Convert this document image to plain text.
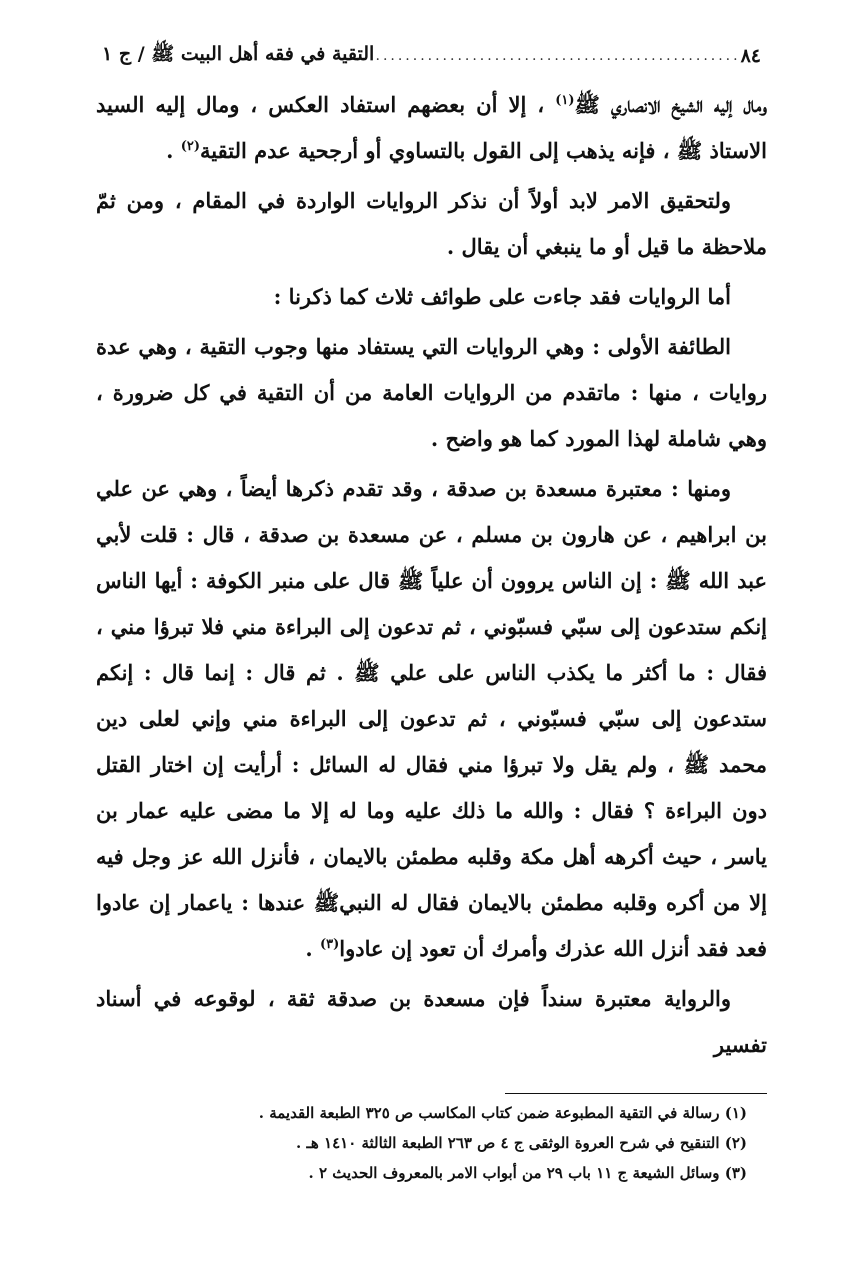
٨٤
.....
التقية في فقه أهل البيت ﷺ / ج ١

ومال إليه الشيخ الانصاري ﷺ$^{(١)}$ ، إلا أن بعضهم استفاد العكس ، ومال إليه السيد الاستاذ ﷺ ، فإنه يذهب إلى القول بالتساوي أو أرجحية عدم التقية$^{(٢)}$ .

ولتحقيق الامر لابد أولاً أن نذكر الروايات الواردة في المقام ، ومن ثمّ ملاحظة ما قيل أو ما ينبغي أن يقال .

أما الروايات فقد جاءت على طوائف ثلاث كما ذكرنا :

الطائفة الأولى : وهي الروايات التي يستفاد منها وجوب التقية ، وهي عدة روايات ، منها : ماتقدم من الروايات العامة من أن التقية في كل ضرورة ، وهي شاملة لهذا المورد كما هو واضح .

ومنها : معتبرة مسعدة بن صدقة ، وقد تقدم ذكرها أيضاً ، وهي عن علي بن ابراهيم ، عن هارون بن مسلم ، عن مسعدة بن صدقة ، قال : قلت لأبي عبد الله ﷺ : إن الناس يروون أن علياً ﷺ قال على منبر الكوفة : أيها الناس إنكم ستدعون إلى سبّي فسبّوني ، ثم تدعون إلى البراءة مني فلا تبرؤا مني ، فقال : ما أكثر ما يكذب الناس على علي ﷺ . ثم قال : إنما قال : إنكم ستدعون إلى سبّي فسبّوني ، ثم تدعون إلى البراءة مني وإني لعلى دين محمد ﷺ ، ولم يقل ولا تبرؤا مني فقال له السائل : أرأيت إن اختار القتل دون البراءة ؟ فقال : والله ما ذلك عليه وما له إلا ما مضى عليه عمار بن ياسر ، حيث أكرهه أهل مكة وقلبه مطمئن بالايمان ، فأنزل الله عز وجل فيه إلا من أكره وقلبه مطمئن بالايمان فقال له النبيﷺ عندها : ياعمار إن عادوا فعد فقد أنزل الله عذرك وأمرك أن تعود إن عادوا$^{(٣)}$ .

والرواية معتبرة سنداً فإن مسعدة بن صدقة ثقة ، لوقوعه في أسناد تفسير

(١) رسالة في التقية المطبوعة ضمن كتاب المكاسب ص ٣٢٥ الطبعة القديمة .
(٢) التنقيح في شرح العروة الوثقى ج ٤ ص ٢٦٣ الطبعة الثالثة ١٤١٠ هـ .
(٣) وسائل الشيعة ج ١١ باب ٢٩ من أبواب الامر بالمعروف الحديث ٢ .
